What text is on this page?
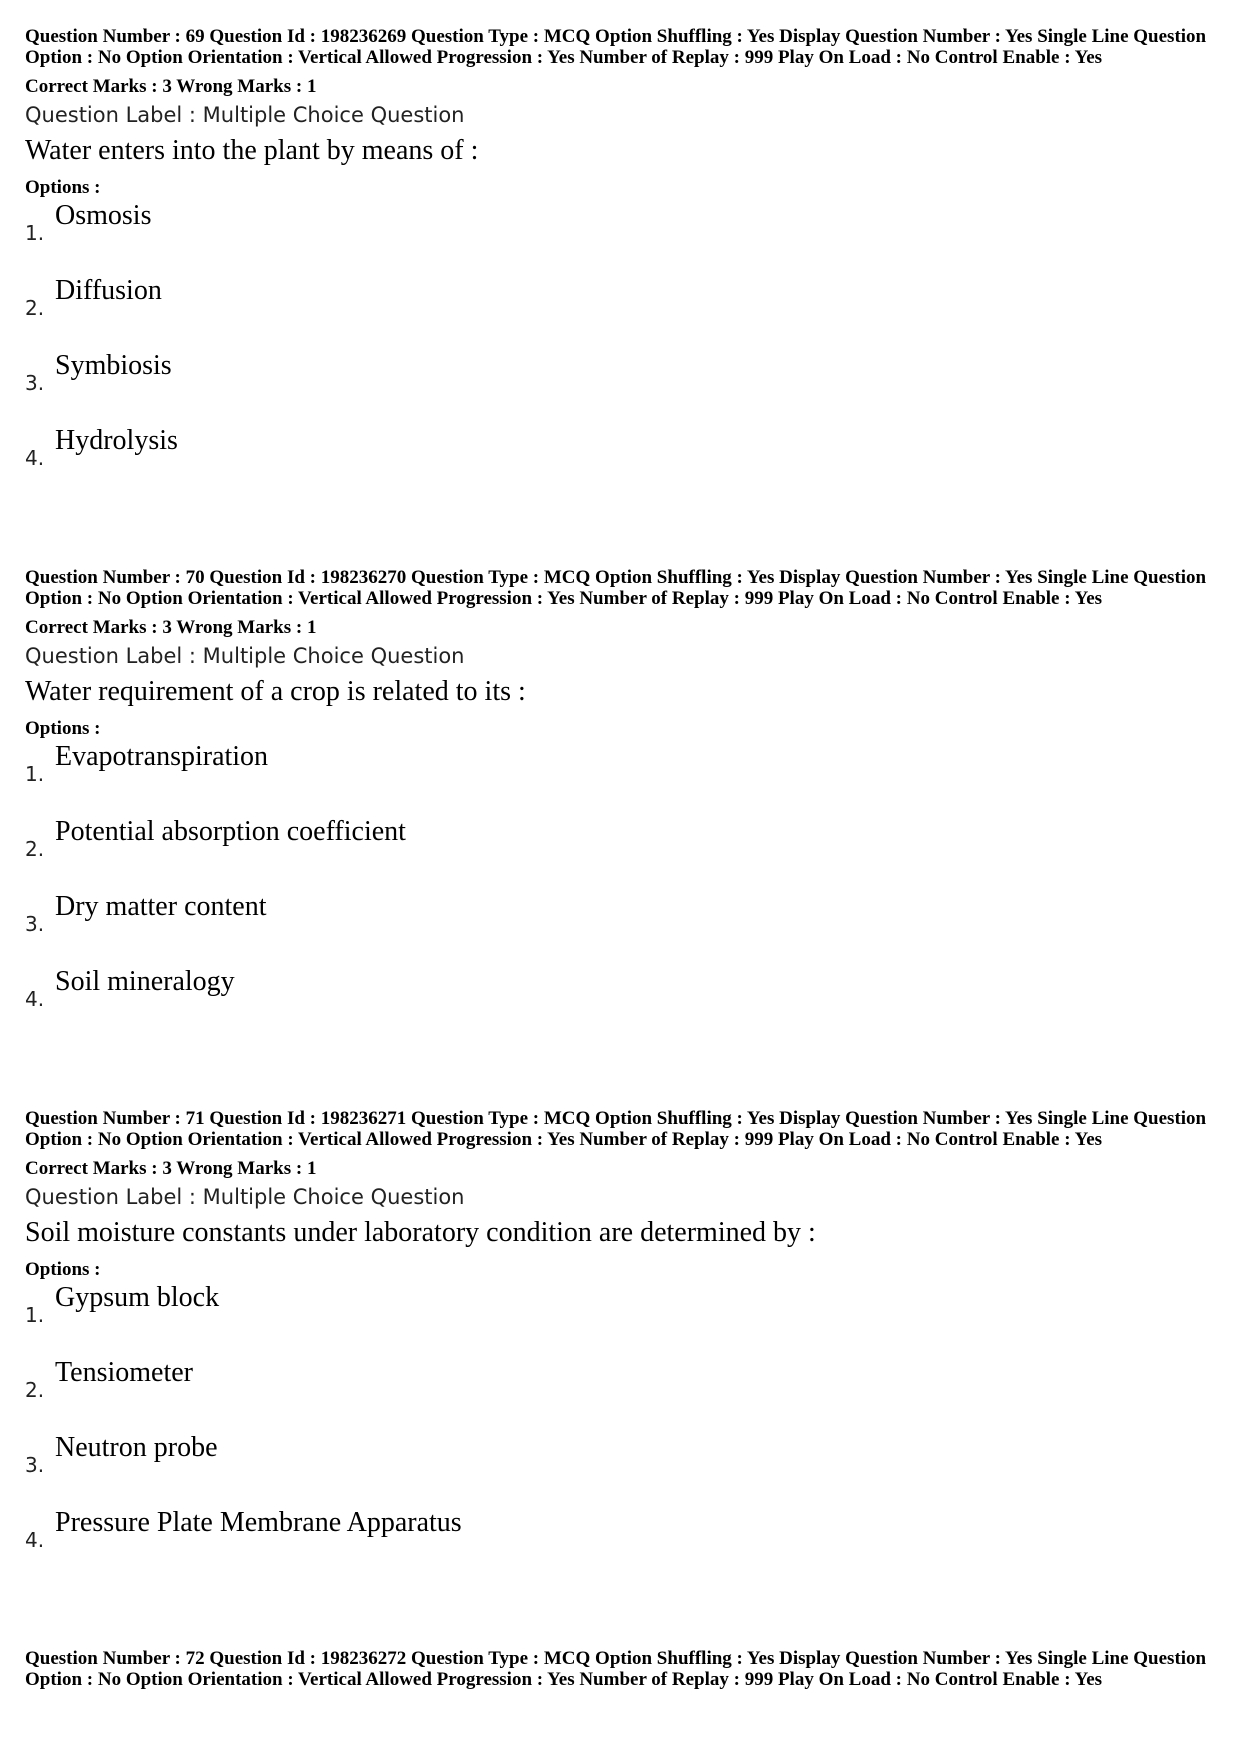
Question Number : 69 Question Id : 198236269 Question Type : MCQ Option Shuffling : Yes Display Question Number : Yes Single Line Question Option : No Option Orientation : Vertical Allowed Progression : Yes Number of Replay : 999 Play On Load : No Control Enable : Yes

Correct Marks : 3 Wrong Marks : 1
Question Label : Multiple Choice Question
Water enters into the plant by means of :
Options :
1.
Osmosis
2.
Diffusion
3.
Symbiosis
4.
Hydrolysis

Question Number : 70 Question Id : 198236270 Question Type : MCQ Option Shuffling : Yes Display Question Number : Yes Single Line Question Option : No Option Orientation : Vertical Allowed Progression : Yes Number of Replay : 999 Play On Load : No Control Enable : Yes

Correct Marks : 3 Wrong Marks : 1
Question Label : Multiple Choice Question
Water requirement of a crop is related to its :
Options :
1.
Evapotranspiration
2.
Potential absorption coefficient
3.
Dry matter content
4.
Soil mineralogy

Question Number : 71 Question Id : 198236271 Question Type : MCQ Option Shuffling : Yes Display Question Number : Yes Single Line Question Option : No Option Orientation : Vertical Allowed Progression : Yes Number of Replay : 999 Play On Load : No Control Enable : Yes

Correct Marks : 3 Wrong Marks : 1
Question Label : Multiple Choice Question
Soil moisture constants under laboratory condition are determined by :
Options :
1.
Gypsum block
2.
Tensiometer
3.
Neutron probe
4.
Pressure Plate Membrane Apparatus

Question Number : 72 Question Id : 198236272 Question Type : MCQ Option Shuffling : Yes Display Question Number : Yes Single Line Question Option : No Option Orientation : Vertical Allowed Progression : Yes Number of Replay : 999 Play On Load : No Control Enable : Yes
